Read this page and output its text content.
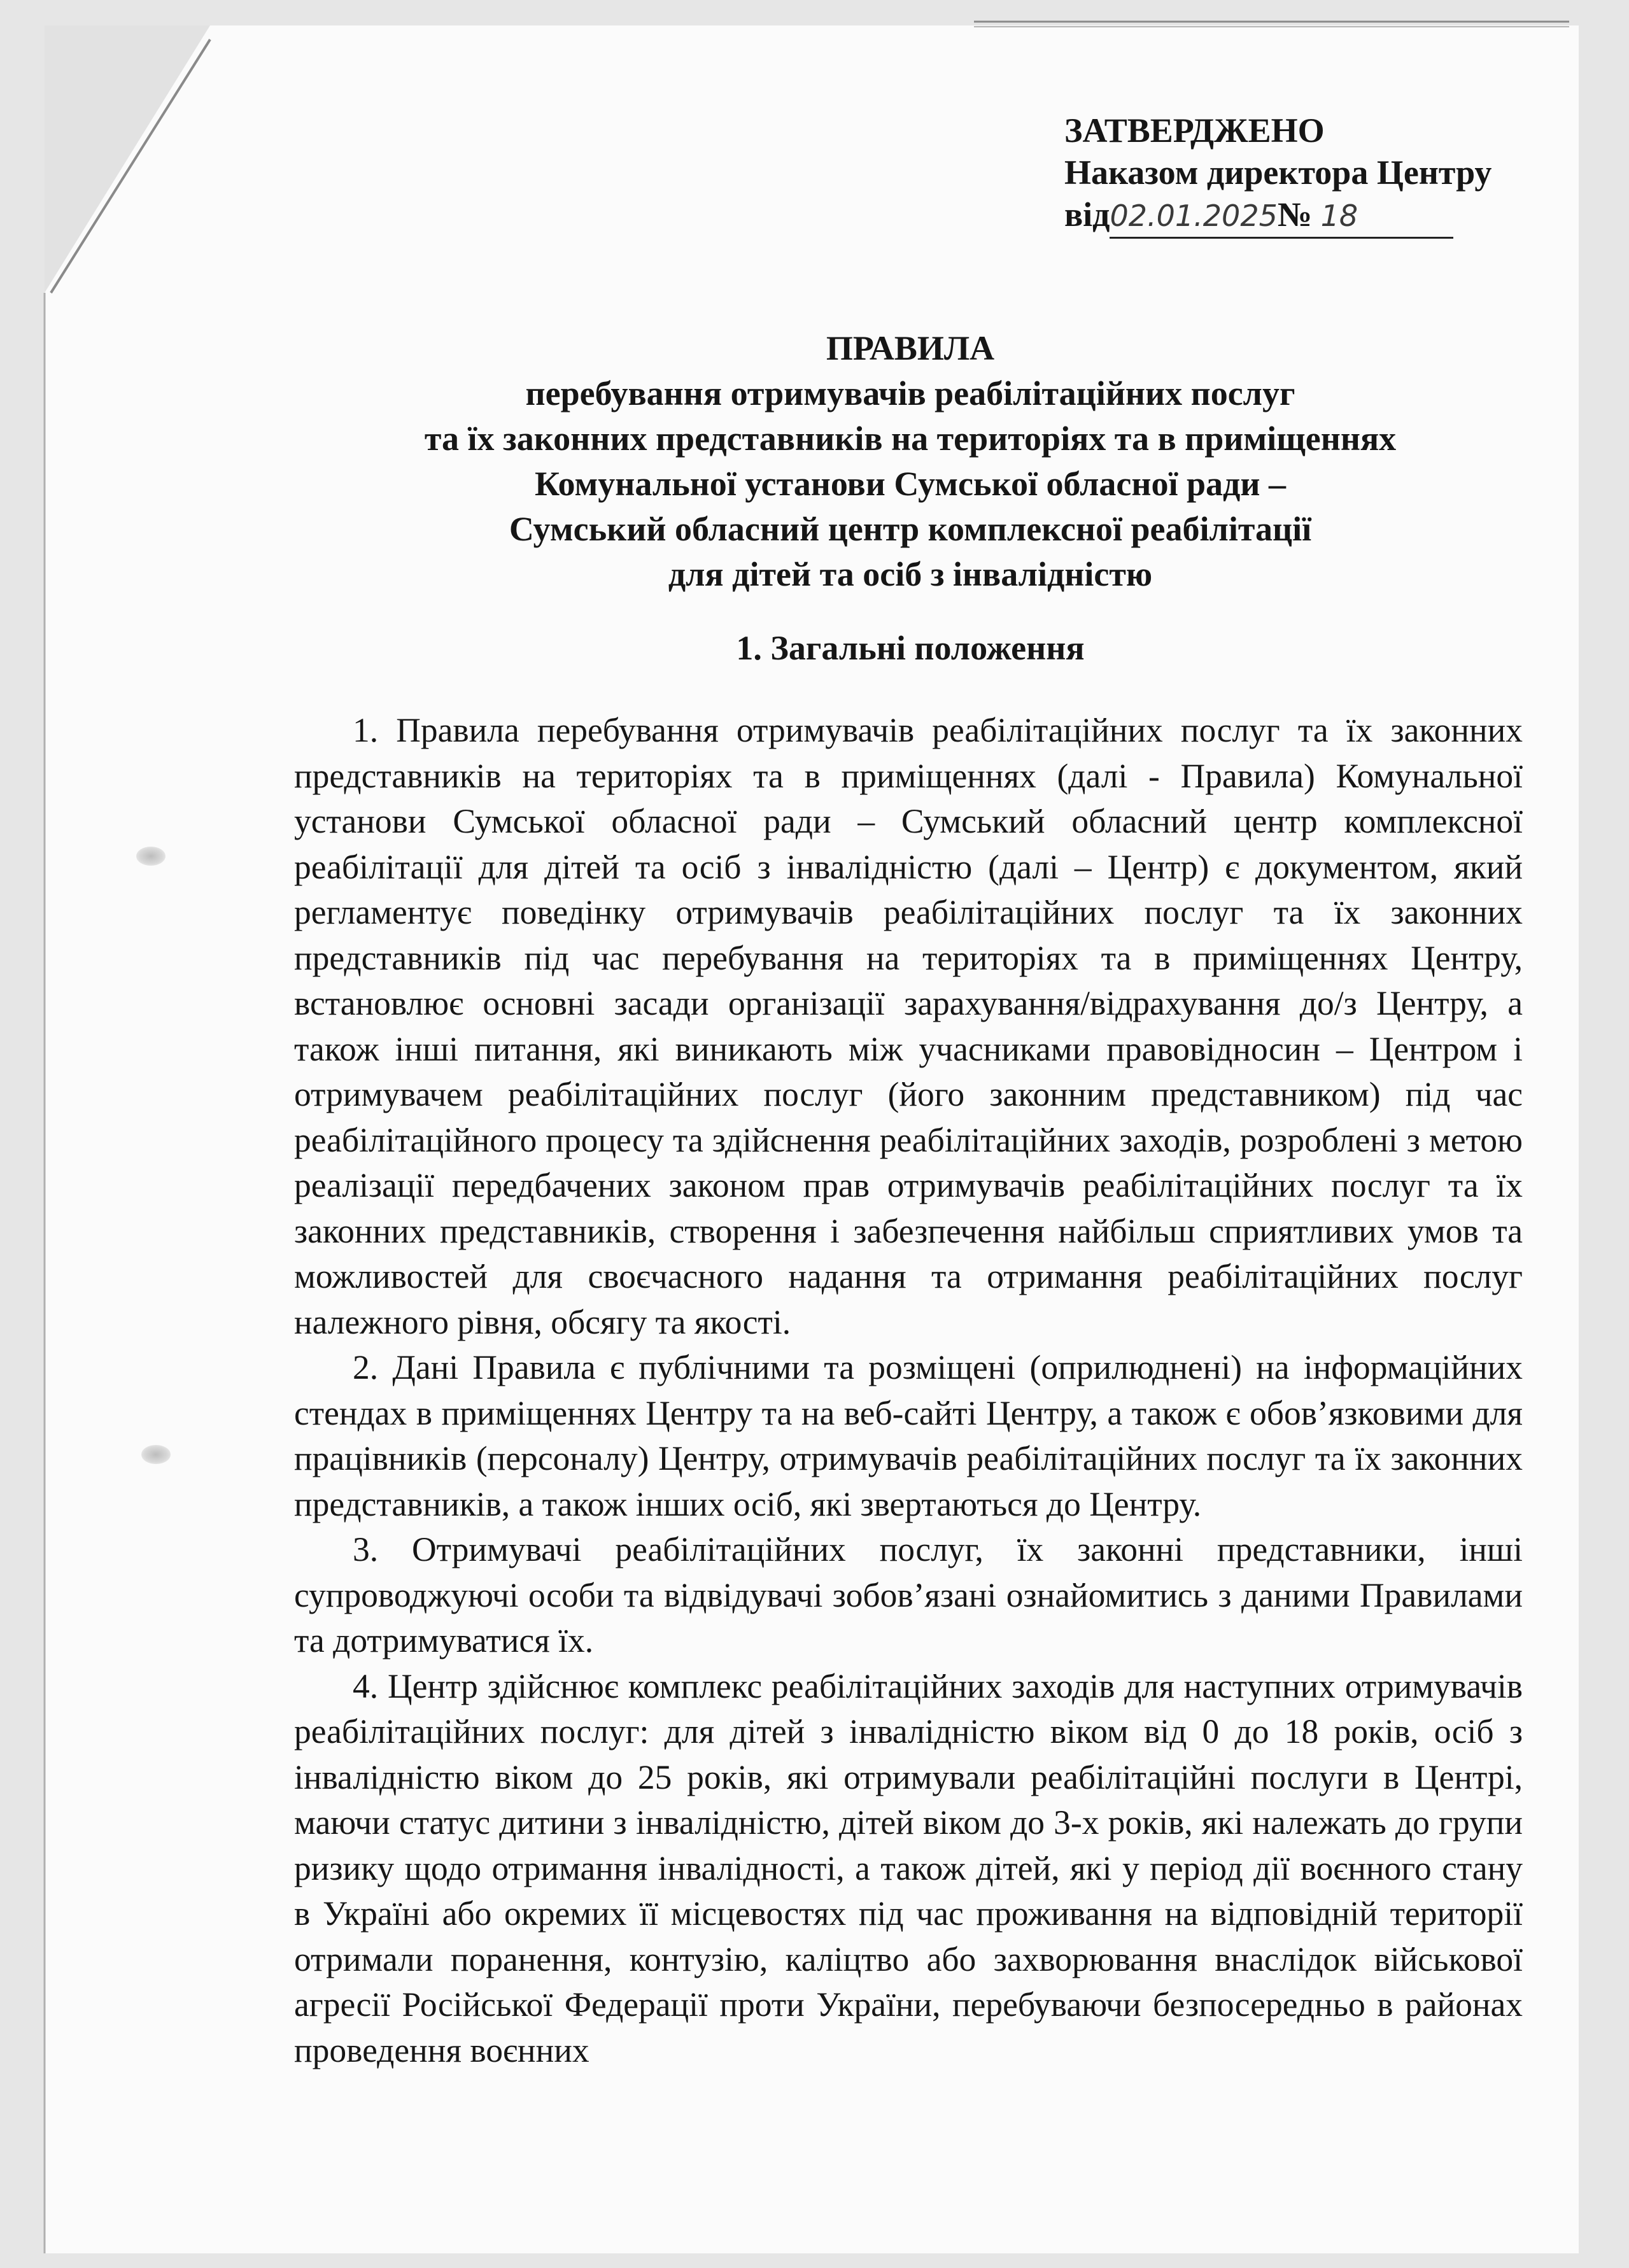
ЗАТВЕРДЖЕНО
Наказом директора Центру
від02.01.2025№ 18
ПРАВИЛА
перебування отримувачів реабілітаційних послуг
та їх законних представників на територіях та в приміщеннях
Комунальної установи Сумської обласної ради –
Сумський обласний центр комплексної реабілітації
для дітей та осіб з інвалідністю
1. Загальні положення

1. Правила перебування отримувачів реабілітаційних послуг та їх законних представників на територіях та в приміщеннях (далі - Правила) Комунальної установи Сумської обласної ради – Сумський обласний центр комплексної реабілітації для дітей та осіб з інвалідністю (далі – Центр) є документом, який регламентує поведінку отримувачів реабілітаційних послуг та їх законних представників під час перебування на територіях та в приміщеннях Центру, встановлює основні засади організації зарахування/відрахування до/з Центру, а також інші питання, які виникають між учасниками правовідносин – Центром і отримувачем реабілітаційних послуг (його законним представником) під час реабілітаційного процесу та здійснення реабілітаційних заходів, розроблені з метою реалізації передбачених законом прав отримувачів реабілітаційних послуг та їх законних представників, створення і забезпечення найбільш сприятливих умов та можливостей для своєчасного надання та отримання реабілітаційних послуг належного рівня, обсягу та якості.

2. Дані Правила є публічними та розміщені (оприлюднені) на інформаційних стендах в приміщеннях Центру та на веб-сайті Центру, а також є обов’язковими для працівників (персоналу) Центру, отримувачів реабілітаційних послуг та їх законних представників, а також інших осіб, які звертаються до Центру.

3. Отримувачі реабілітаційних послуг, їх законні представники, інші супроводжуючі особи та відвідувачі зобов’язані ознайомитись з даними Правилами та дотримуватися їх.

4. Центр здійснює комплекс реабілітаційних заходів для наступних отримувачів реабілітаційних послуг: для дітей з інвалідністю віком від 0 до 18 років, осіб з інвалідністю віком до 25 років, які отримували реабілітаційні послуги в Центрі, маючи статус дитини з інвалідністю, дітей віком до 3-х років, які належать до групи ризику щодо отримання інвалідності, а також дітей, які у період дії воєнного стану в Україні або окремих її місцевостях під час проживання на відповідній території отримали поранення, контузію, каліцтво або захворювання внаслідок військової агресії Російської Федерації проти України, перебуваючи безпосередньо в районах проведення воєнних
